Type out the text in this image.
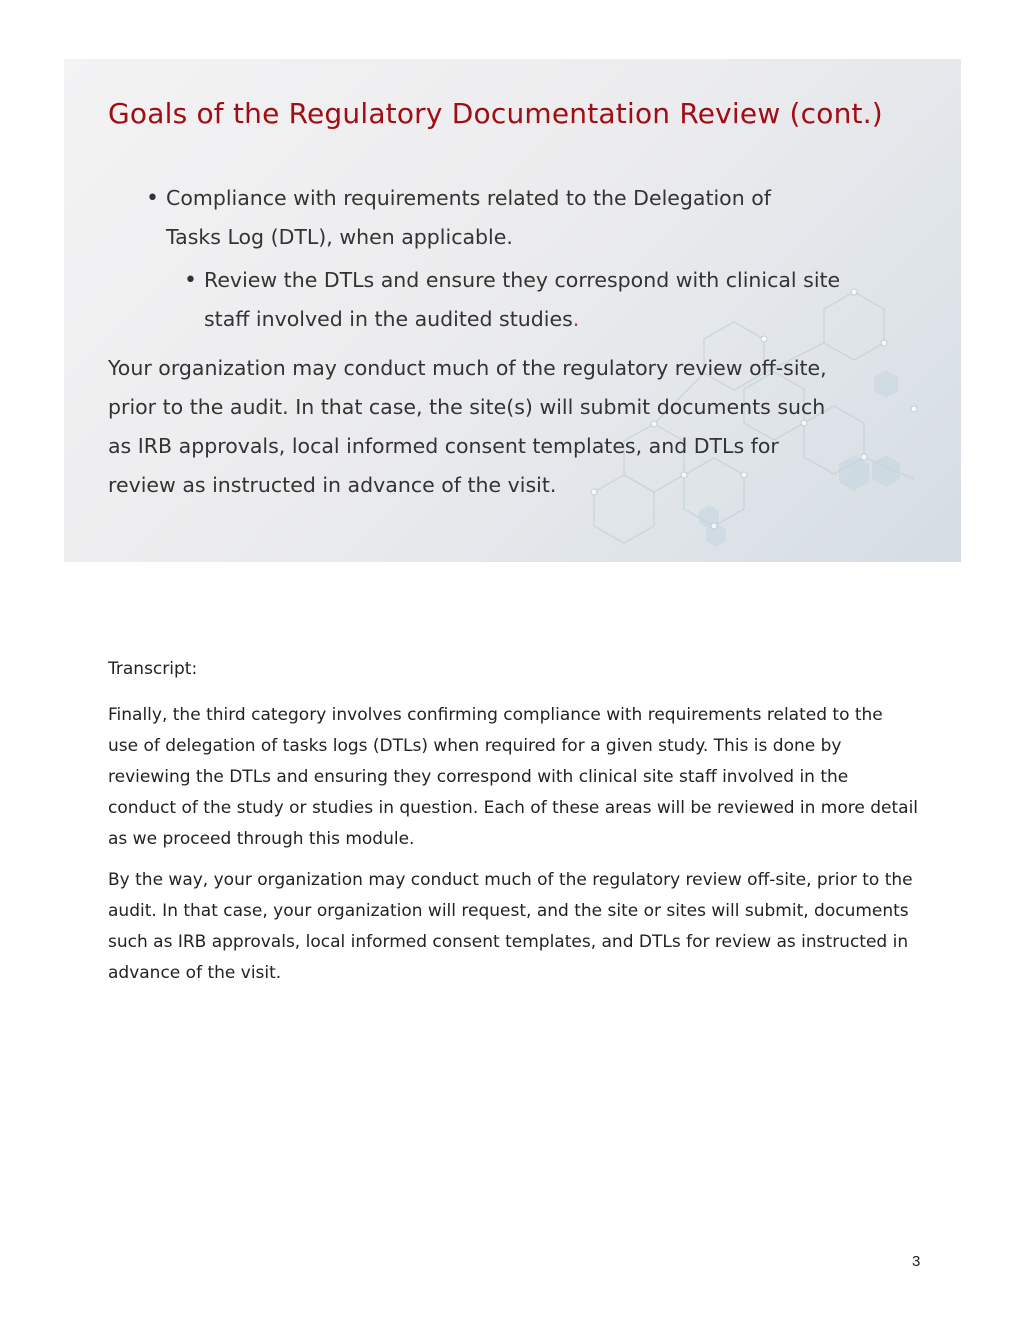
Goals of the Regulatory Documentation Review (cont.)
• Compliance with requirements related to the Delegation of Tasks Log (DTL), when applicable.
• Review the DTLs and ensure they correspond with clinical site staff involved in the audited studies.
Your organization may conduct much of the regulatory review off-site, prior to the audit. In that case, the site(s) will submit documents such as IRB approvals, local informed consent templates, and DTLs for review as instructed in advance of the visit.
Transcript:

Finally, the third category involves confirming compliance with requirements related to the use of delegation of tasks logs (DTLs) when required for a given study. This is done by reviewing the DTLs and ensuring they correspond with clinical site staff involved in the conduct of the study or studies in question. Each of these areas will be reviewed in more detail as we proceed through this module.

By the way, your organization may conduct much of the regulatory review off-site, prior to the audit. In that case, your organization will request, and the site or sites will submit, documents such as IRB approvals, local informed consent templates, and DTLs for review as instructed in advance of the visit.

3
